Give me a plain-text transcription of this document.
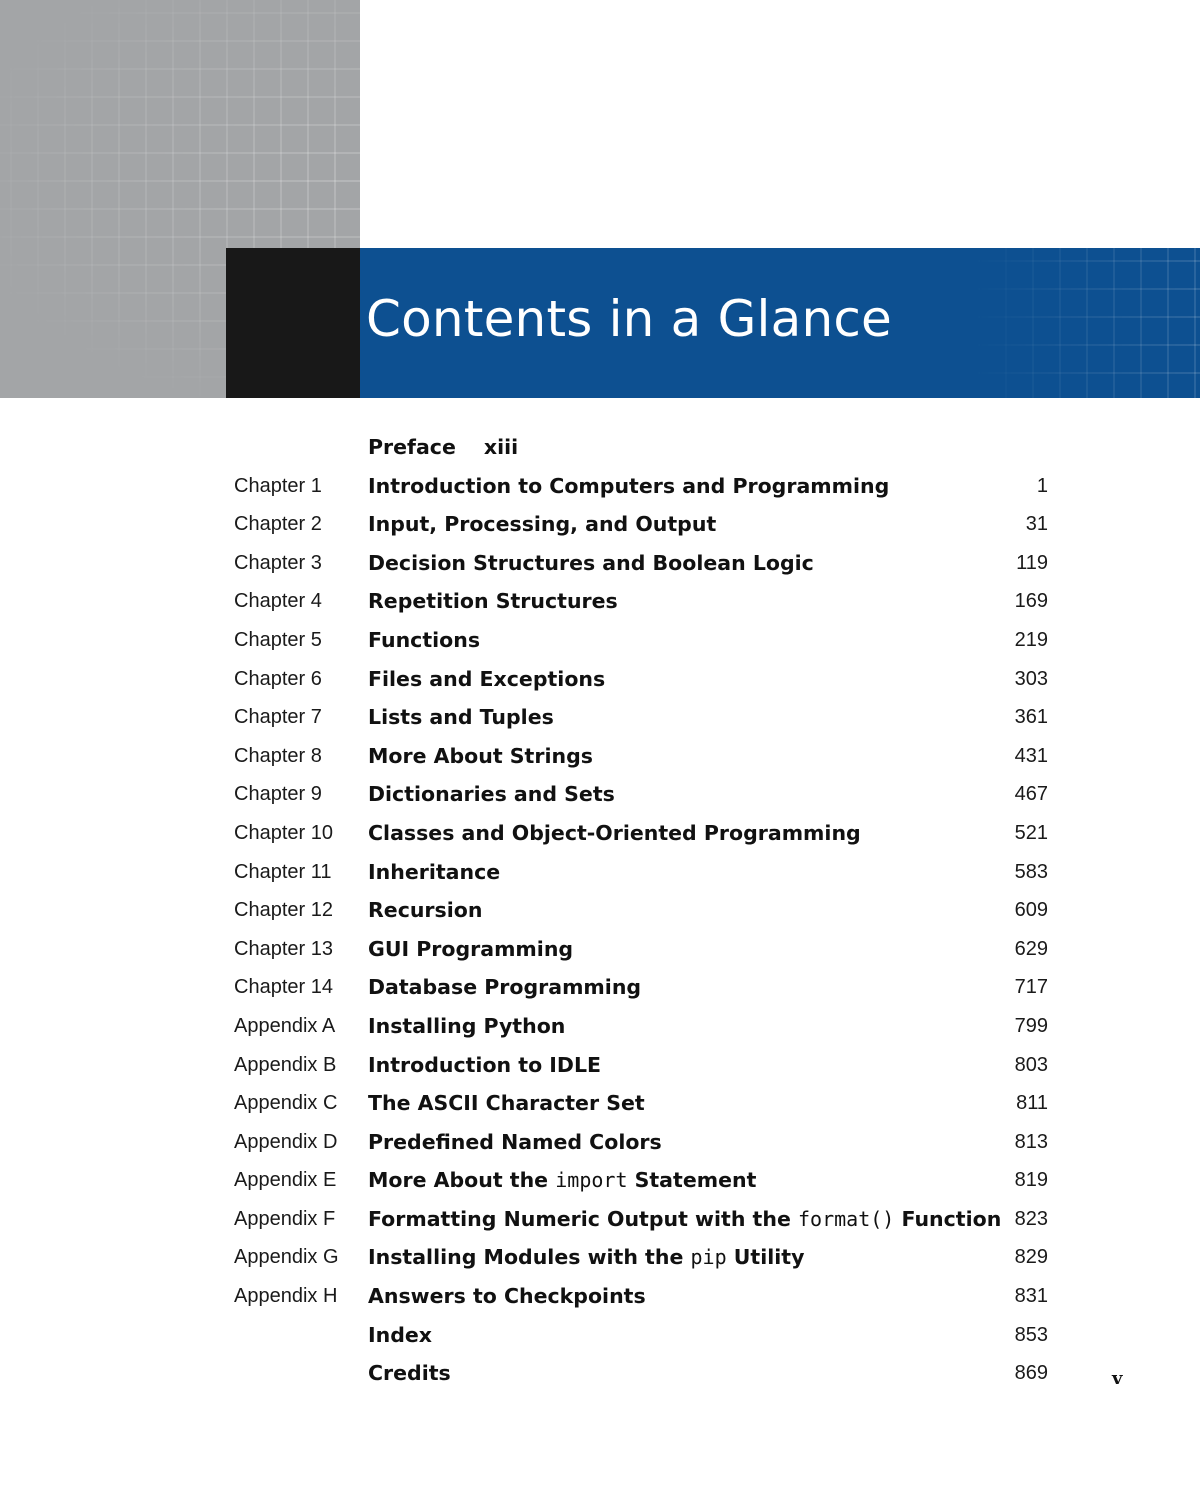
Contents in a Glance
Preface xiii
Chapter 1 Introduction to Computers and Programming	1
Chapter 2 Input, Processing, and Output	31
Chapter 3 Decision Structures and Boolean Logic	119
Chapter 4 Repetition Structures	169
Chapter 5 Functions	219
Chapter 6 Files and Exceptions	303
Chapter 7 Lists and Tuples	361
Chapter 8 More About Strings	431
Chapter 9 Dictionaries and Sets	467
Chapter 10 Classes and Object-Oriented Programming	521
Chapter 11 Inheritance	583
Chapter 12 Recursion	609
Chapter 13 GUI Programming	629
Chapter 14 Database Programming	717
Appendix A Installing Python	799
Appendix B Introduction to IDLE	803
Appendix C The ASCII Character Set	811
Appendix D Predefined Named Colors	813
Appendix E More About the import Statement	819
Appendix F Formatting Numeric Output with the format() Function 823
Appendix G Installing Modules with the pip Utility	829
Appendix H Answers to Checkpoints	831
Index	853
Credits	869	v
